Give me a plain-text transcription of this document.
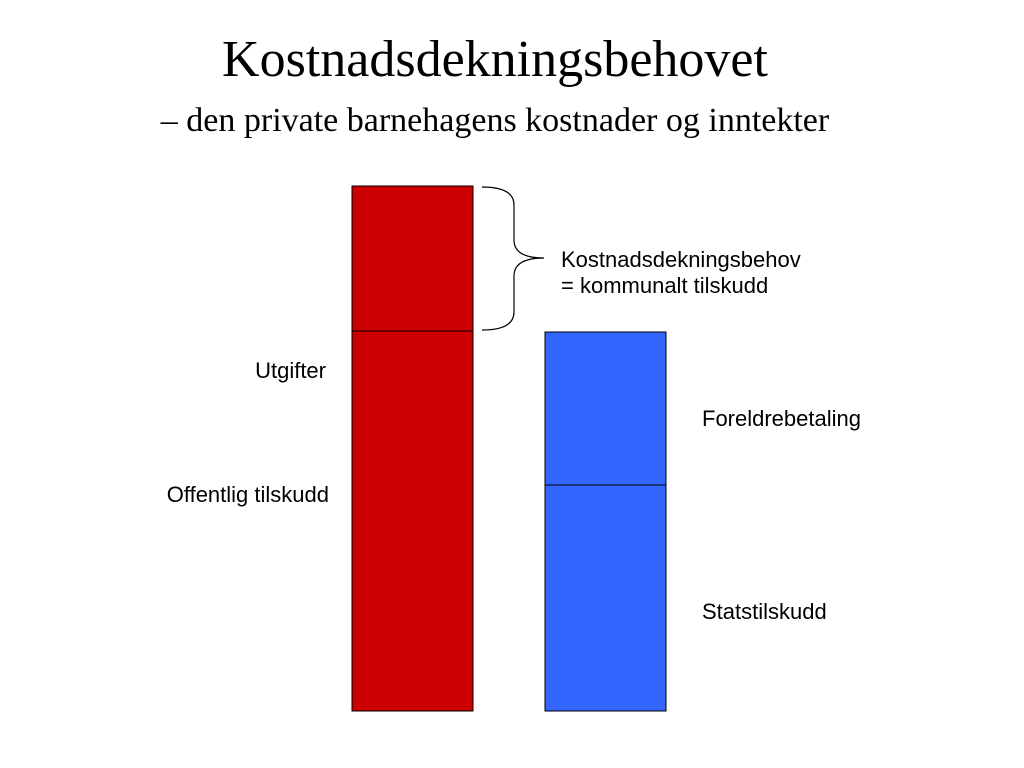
Kostnadsdekningsbehovet
– den private barnehagens kostnader og inntekter
Utgifter
Offentlig tilskudd
Foreldrebetaling
Statstilskudd
Kostnadsdekningsbehov
= kommunalt tilskudd
